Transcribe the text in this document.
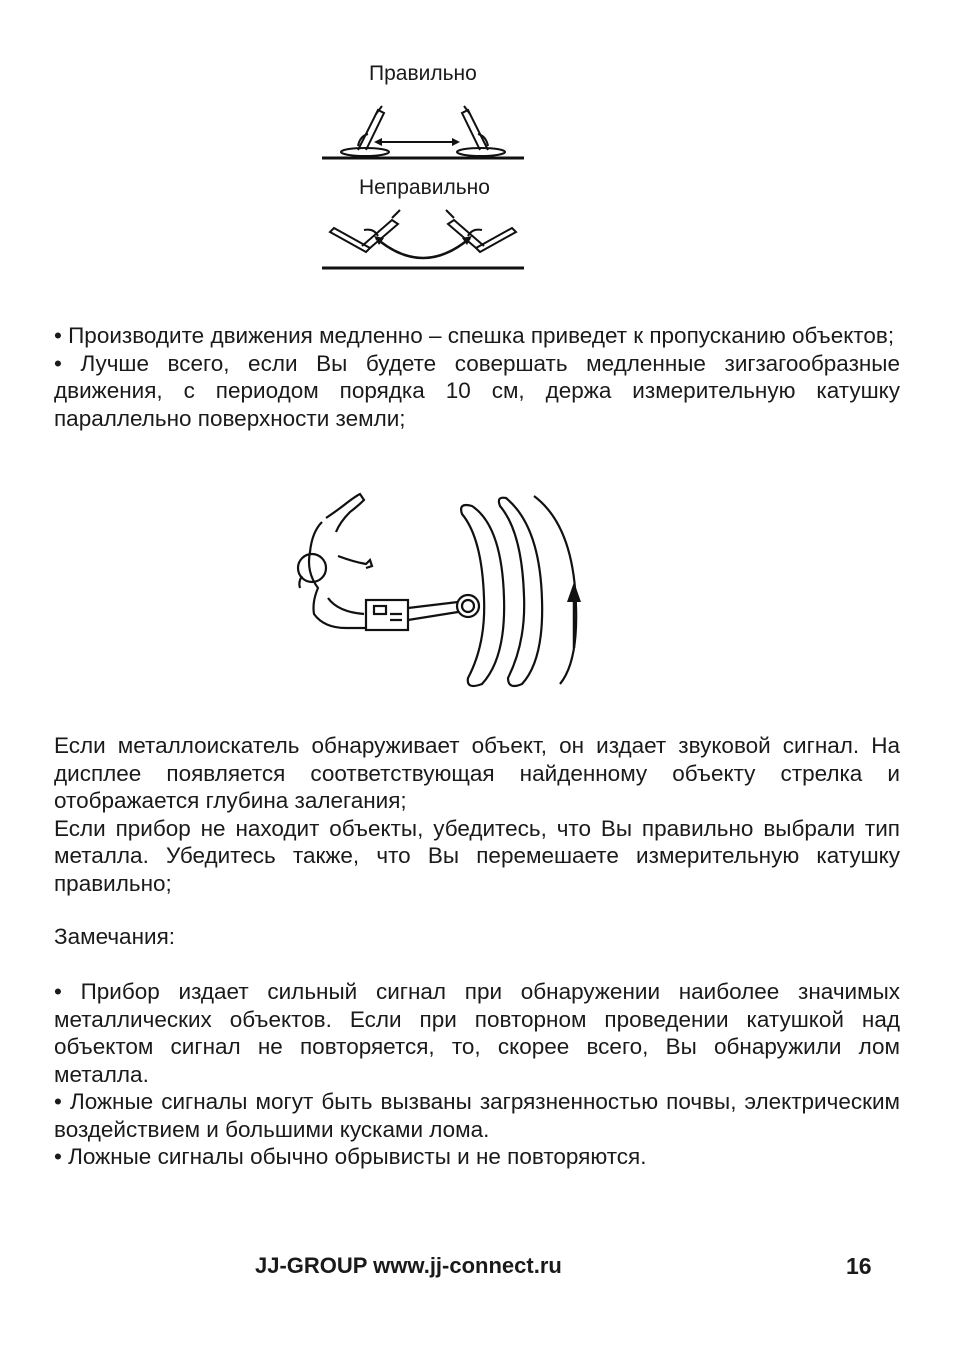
Правильно
Неправильно
• Производите движения медленно – спешка приведет к пропусканию объектов;
• Лучше всего, если Вы будете совершать медленные зигзагообразные движения, с периодом порядка 10 см, держа измерительную катушку параллельно поверхности земли;
Если металлоискатель обнаруживает объект, он издает звуковой сигнал. На дисплее появляется соответствующая найденному объекту стрелка и отображается глубина залегания;
Если прибор не находит объекты, убедитесь, что Вы правильно выбрали тип металла. Убедитесь также, что Вы перемешаете измерительную катушку правильно;
Замечания:
• Прибор издает сильный сигнал при обнаружении наиболее значимых металлических объектов. Если при повторном проведении катушкой над объектом сигнал не повторяется, то, скорее всего, Вы обнаружили лом металла.
• Ложные сигналы могут быть вызваны загрязненностью почвы, электрическим воздействием и большими кусками лома.
• Ложные сигналы обычно обрывисты и не повторяются.
JJ-GROUP www.jj-connect.ru	16
